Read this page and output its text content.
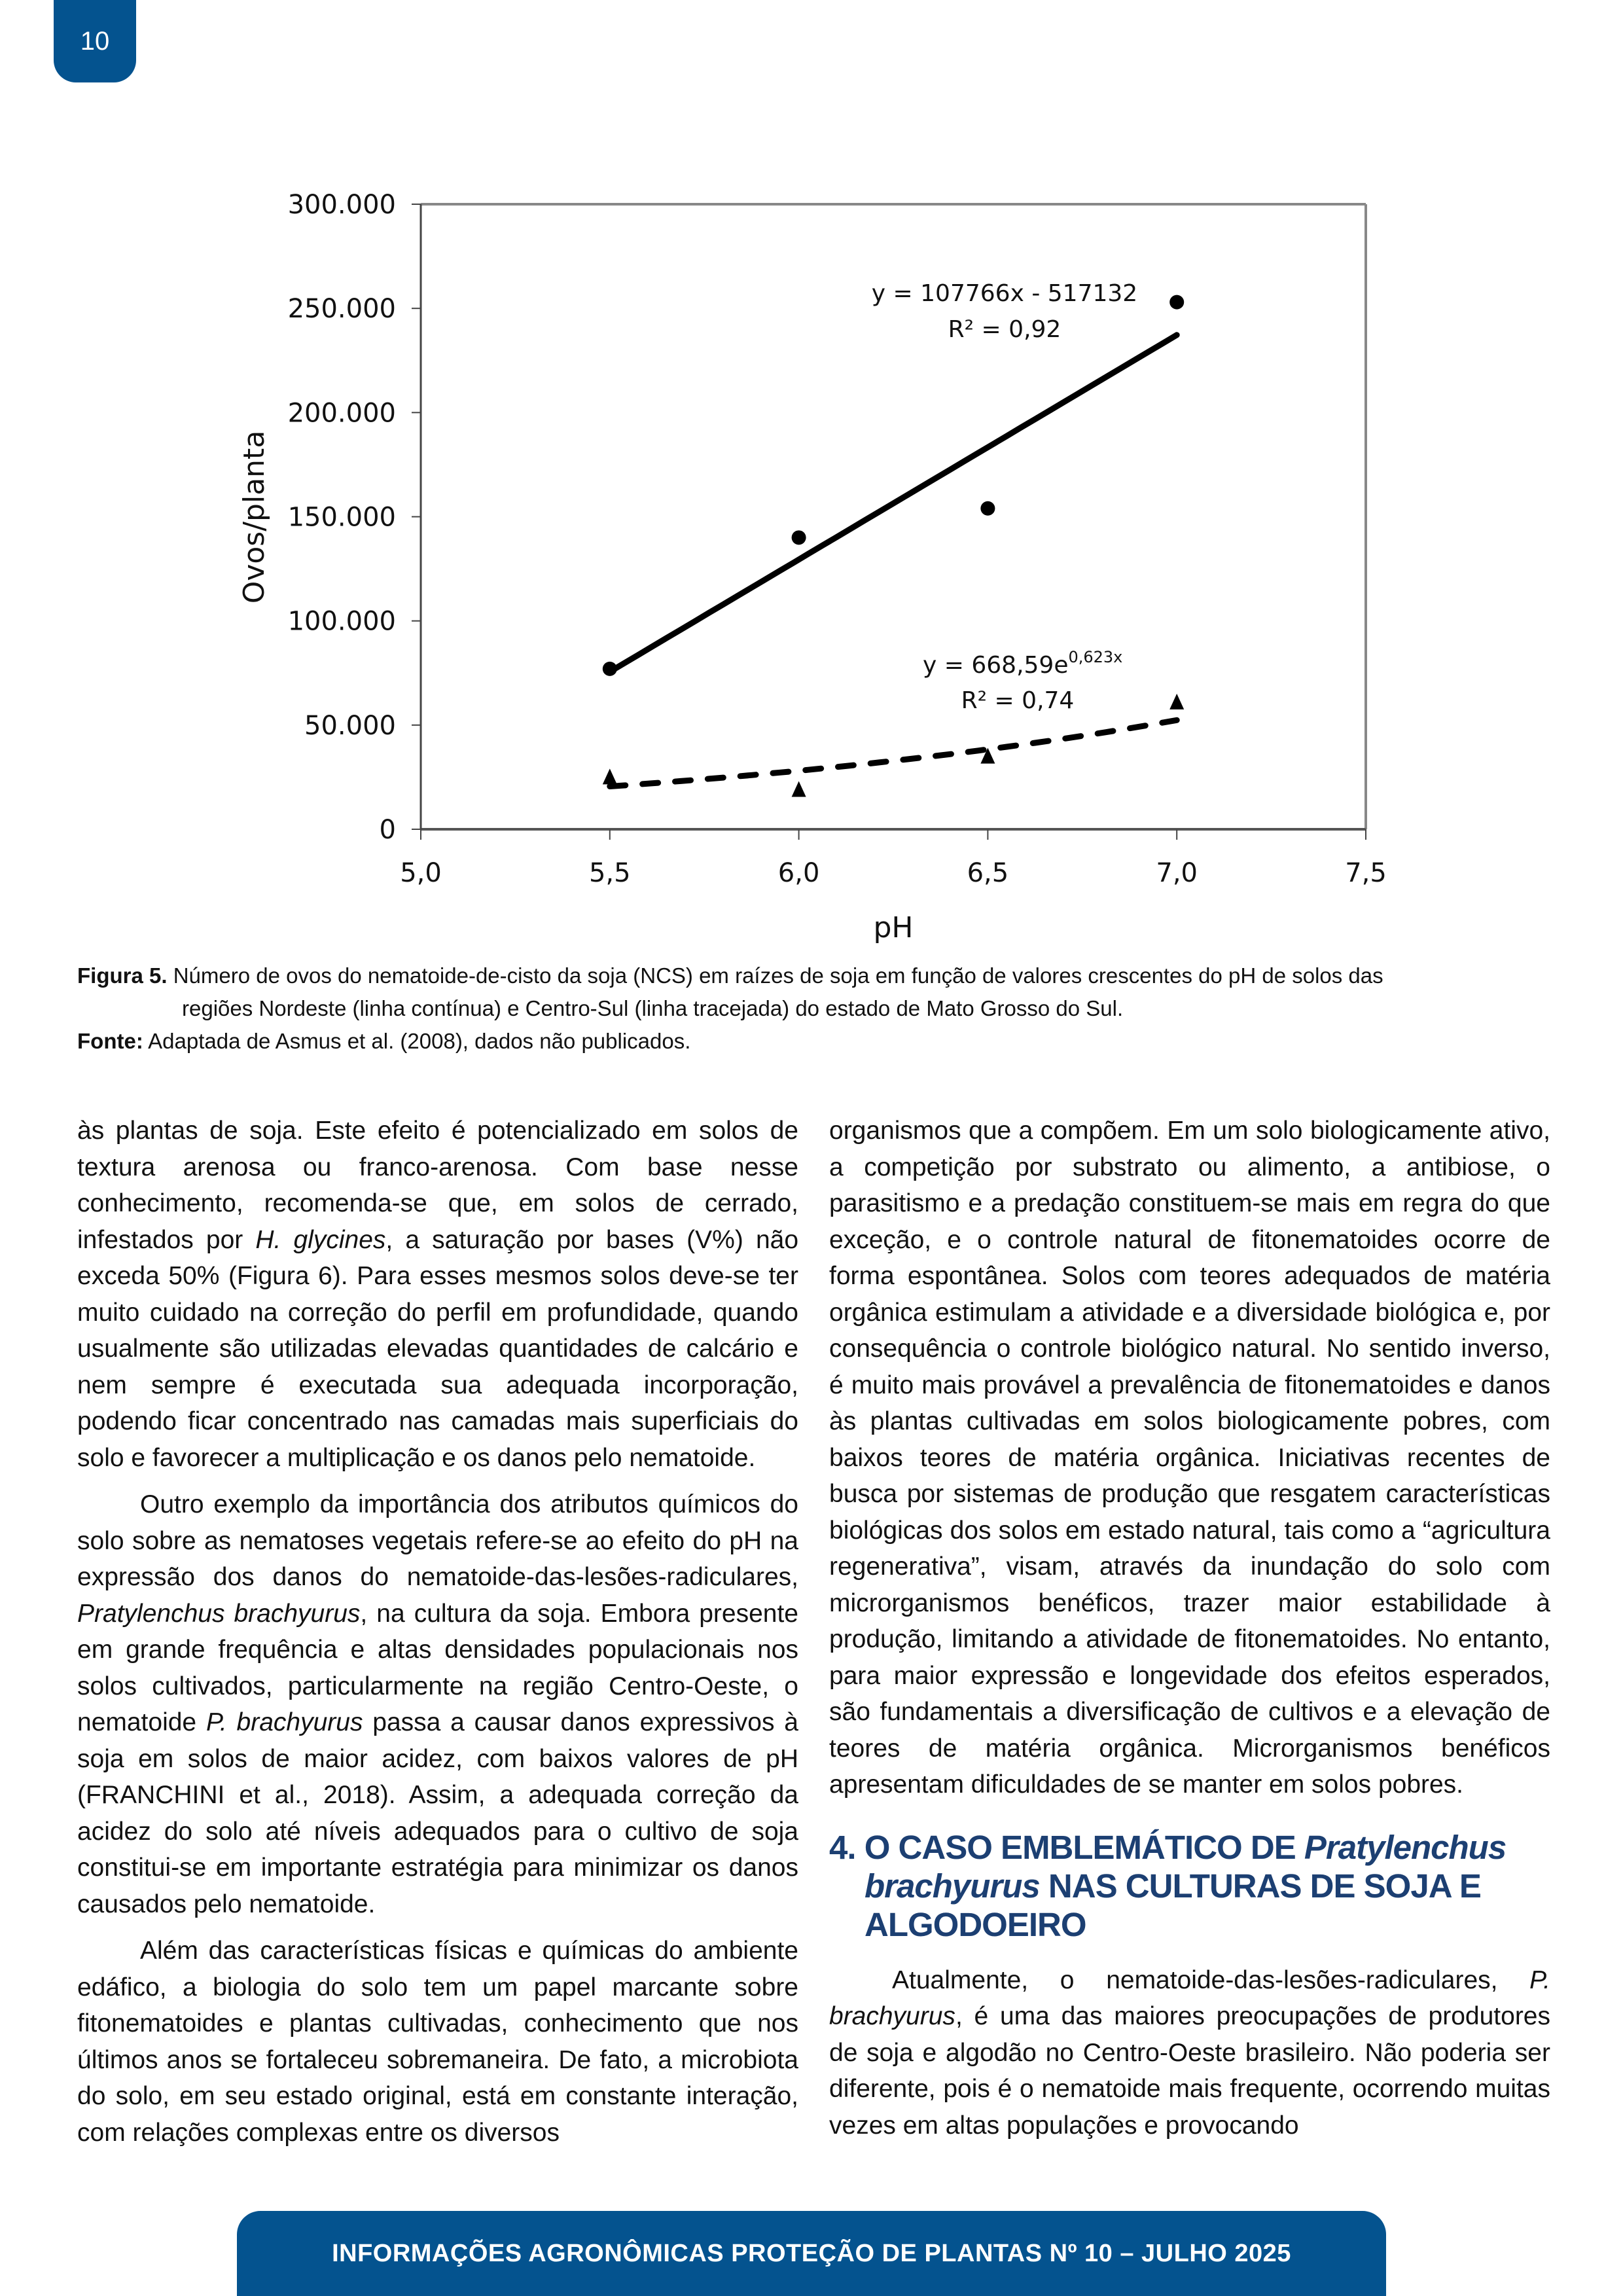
10
0
50.000
100.000
150.000
200.000
250.000
300.000
5,0	5,5	6,0	6,5	7,0	7,5
Ovos/planta
pH
y = 107766x - 517132
R² = 0,92
$y = 668,59e^{0,623x}$
R² = 0,74
Figura 5. Número de ovos do nematoide-de-cisto da soja (NCS) em raízes de soja em função de valores crescentes do pH de solos das
regiões Nordeste (linha contínua) e Centro-Sul (linha tracejada) do estado de Mato Grosso do Sul.
Fonte: Adaptada de Asmus et al. (2008), dados não publicados.

às plantas de soja. Este efeito é potencializado em solos de textura arenosa ou franco-arenosa. Com base nesse conhecimento, recomenda-se que, em solos de cerrado, infestados por H. glycines, a saturação por bases (V%) não exceda 50% (Figura 6). Para esses mesmos solos deve-se ter muito cuidado na correção do perfil em profundidade, quando usualmente são utilizadas elevadas quantidades de calcário e nem sempre é executada sua adequada incorporação, podendo ficar concentrado nas camadas mais superficiais do solo e favorecer a multiplicação e os danos pelo nematoide.

Outro exemplo da importância dos atributos químicos do solo sobre as nematoses vegetais refere-se ao efeito do pH na expressão dos danos do nematoide-das-lesões-radiculares, Pratylenchus brachyurus, na cultura da soja. Embora presente em grande frequência e altas densidades populacionais nos solos cultivados, particularmente na região Centro-Oeste, o nematoide P. brachyurus passa a causar danos expressivos à soja em solos de maior acidez, com baixos valores de pH (FRANCHINI et al., 2018). Assim, a adequada correção da acidez do solo até níveis adequados para o cultivo de soja constitui-se em importante estratégia para minimizar os danos causados pelo nematoide.

Além das características físicas e químicas do ambiente edáfico, a biologia do solo tem um papel marcante sobre fitonematoides e plantas cultivadas, conhecimento que nos últimos anos se fortaleceu sobremaneira. De fato, a microbiota do solo, em seu estado original, está em constante interação, com relações complexas entre os diversos

organismos que a compõem. Em um solo biologicamente ativo, a competição por substrato ou alimento, a antibiose, o parasitismo e a predação constituem-se mais em regra do que exceção, e o controle natural de fitonematoides ocorre de forma espontânea. Solos com teores adequados de matéria orgânica estimulam a atividade e a diversidade biológica e, por consequência o controle biológico natural. No sentido inverso, é muito mais provável a prevalência de fitonematoides e danos às plantas cultivadas em solos biologicamente pobres, com baixos teores de matéria orgânica. Iniciativas recentes de busca por sistemas de produção que resgatem características biológicas dos solos em estado natural, tais como a “agricultura regenerativa”, visam, através da inundação do solo com microrganismos benéficos, trazer maior estabilidade à produção, limitando a atividade de fitonematoides. No entanto, para maior expressão e longevidade dos efeitos esperados, são fundamentais a diversificação de cultivos e a elevação de teores de matéria orgânica. Microrganismos benéficos apresentam dificuldades de se manter em solos pobres.

4. O CASO EMBLEMÁTICO DE Pratylenchus brachyurus NAS CULTURAS DE SOJA E ALGODOEIRO

Atualmente, o nematoide-das-lesões-radiculares, P. brachyurus, é uma das maiores preocupações de produtores de soja e algodão no Centro-Oeste brasileiro. Não poderia ser diferente, pois é o nematoide mais frequente, ocorrendo muitas vezes em altas populações e provocando

INFORMAÇÕES AGRONÔMICAS PROTEÇÃO DE PLANTAS Nº 10 – JULHO 2025
